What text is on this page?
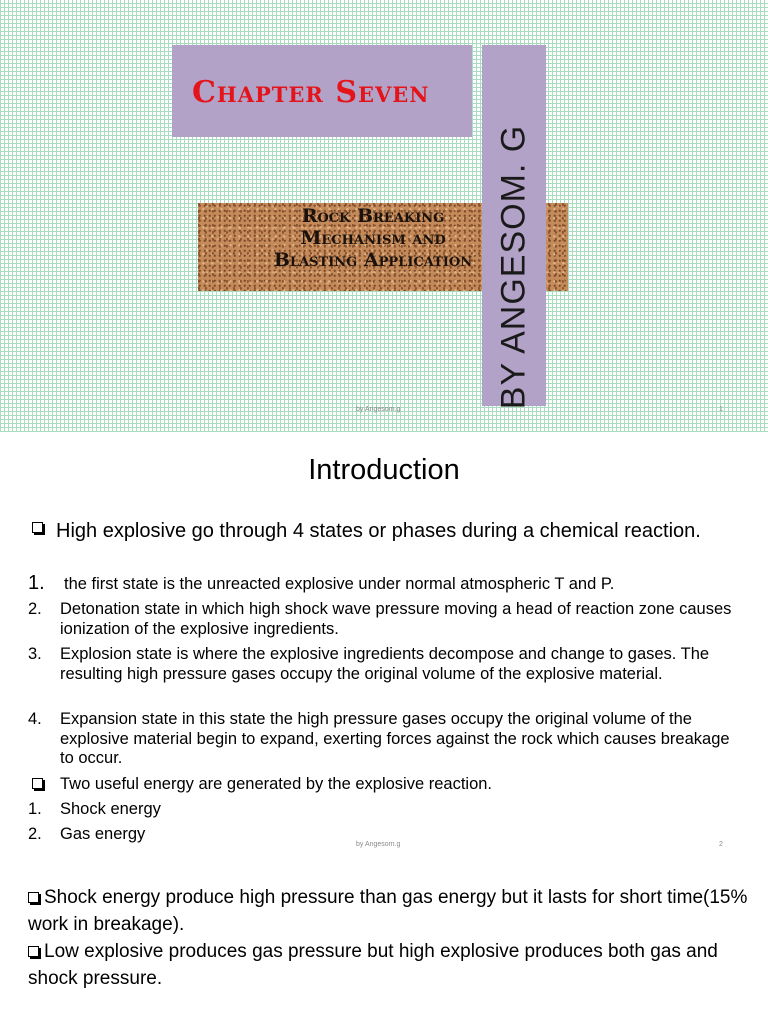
Chapter Seven
Rock Breaking
Mechanism and
Blasting Application BY ANGESOM. G
by Angesom.g	1
Introduction
High explosive go through 4 states or phases during a chemical reaction.
1. the first state is the unreacted explosive under normal atmospheric T and P.
2. Detonation state in which high shock wave pressure moving a head of reaction zone causes ionization of the explosive ingredients.
3. Explosion state is where the explosive ingredients decompose and change to gases. The resulting high pressure gases occupy the original volume of the explosive material.
4. Expansion state in this state the high pressure gases occupy the original volume of the explosive material begin to expand, exerting forces against the rock which causes breakage to occur.
Two useful energy are generated by the explosive reaction.
1. Shock energy
2. Gas energy
by Angesom.g	2
Shock energy produce high pressure than gas energy but it lasts for short time(15% work in breakage).
Low explosive produces gas pressure but high explosive produces both gas and shock pressure.
